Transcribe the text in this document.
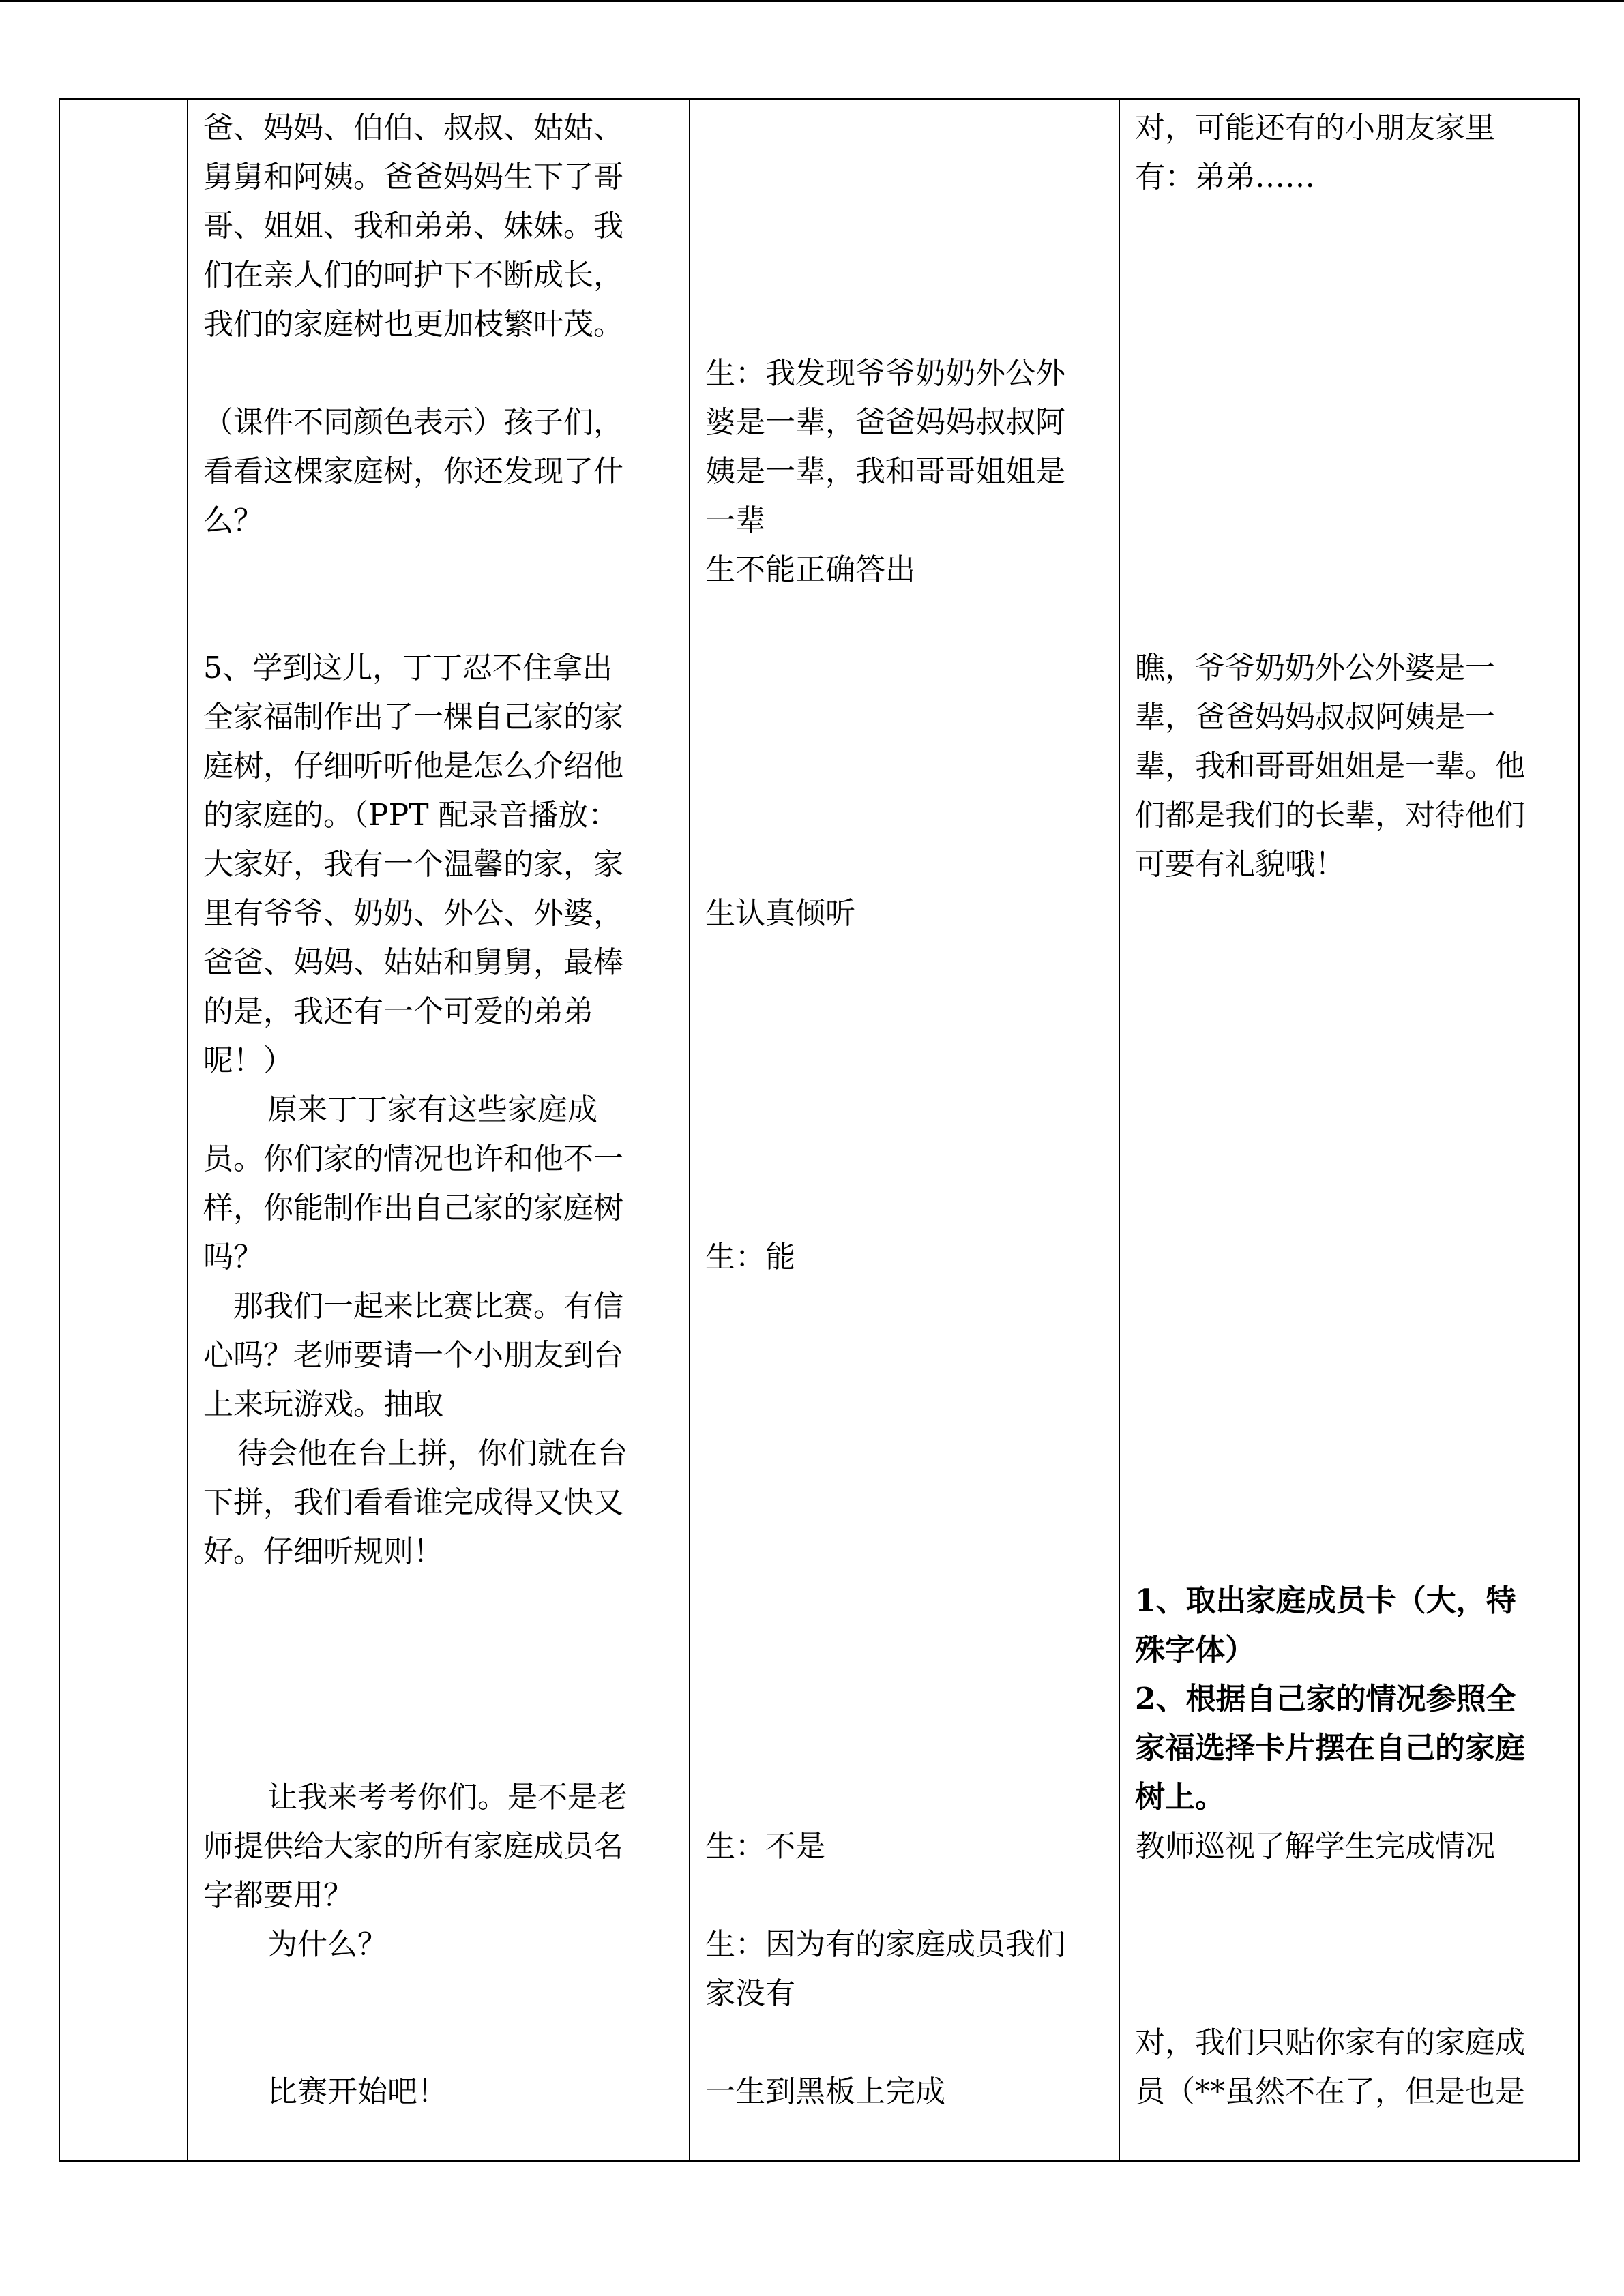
爸、妈妈、伯伯、叔叔、姑姑、
舅舅和阿姨。爸爸妈妈生下了哥
哥、姐姐、我和弟弟、妹妹。我
们在亲人们的呵护下不断成长，
我们的家庭树也更加枝繁叶茂。
（课件不同颜色表示）孩子们，
看看这棵家庭树，你还发现了什
么？
5、学到这儿，丁丁忍不住拿出
全家福制作出了一棵自己家的家
庭树，仔细听听他是怎么介绍他
的家庭的。（PPT 配录音播放：
大家好，我有一个温馨的家，家
里有爷爷、奶奶、外公、外婆，
爸爸、妈妈、姑姑和舅舅，最棒
的是，我还有一个可爱的弟弟
呢！）
原来丁丁家有这些家庭成
员。你们家的情况也许和他不一
样，你能制作出自己家的家庭树
吗？
那我们一起来比赛比赛。有信
心吗？老师要请一个小朋友到台
上来玩游戏。抽取
待会他在台上拼，你们就在台
下拼，我们看看谁完成得又快又
好。仔细听规则！
让我来考考你们。是不是老
师提供给大家的所有家庭成员名
字都要用？
为什么？
比赛开始吧！
生：我发现爷爷奶奶外公外
婆是一辈，爸爸妈妈叔叔阿
姨是一辈，我和哥哥姐姐是
一辈
生不能正确答出
生认真倾听
生：能
生：不是
生：因为有的家庭成员我们
家没有
一生到黑板上完成
对，可能还有的小朋友家里
有：弟弟……
瞧，爷爷奶奶外公外婆是一
辈，爸爸妈妈叔叔阿姨是一
辈，我和哥哥姐姐是一辈。他
们都是我们的长辈，对待他们
可要有礼貌哦！
1、取出家庭成员卡（大，特
殊字体）
2、根据自己家的情况参照全
家福选择卡片摆在自己的家庭
树上。
教师巡视了解学生完成情况
对，我们只贴你家有的家庭成
员（**虽然不在了，但是也是
